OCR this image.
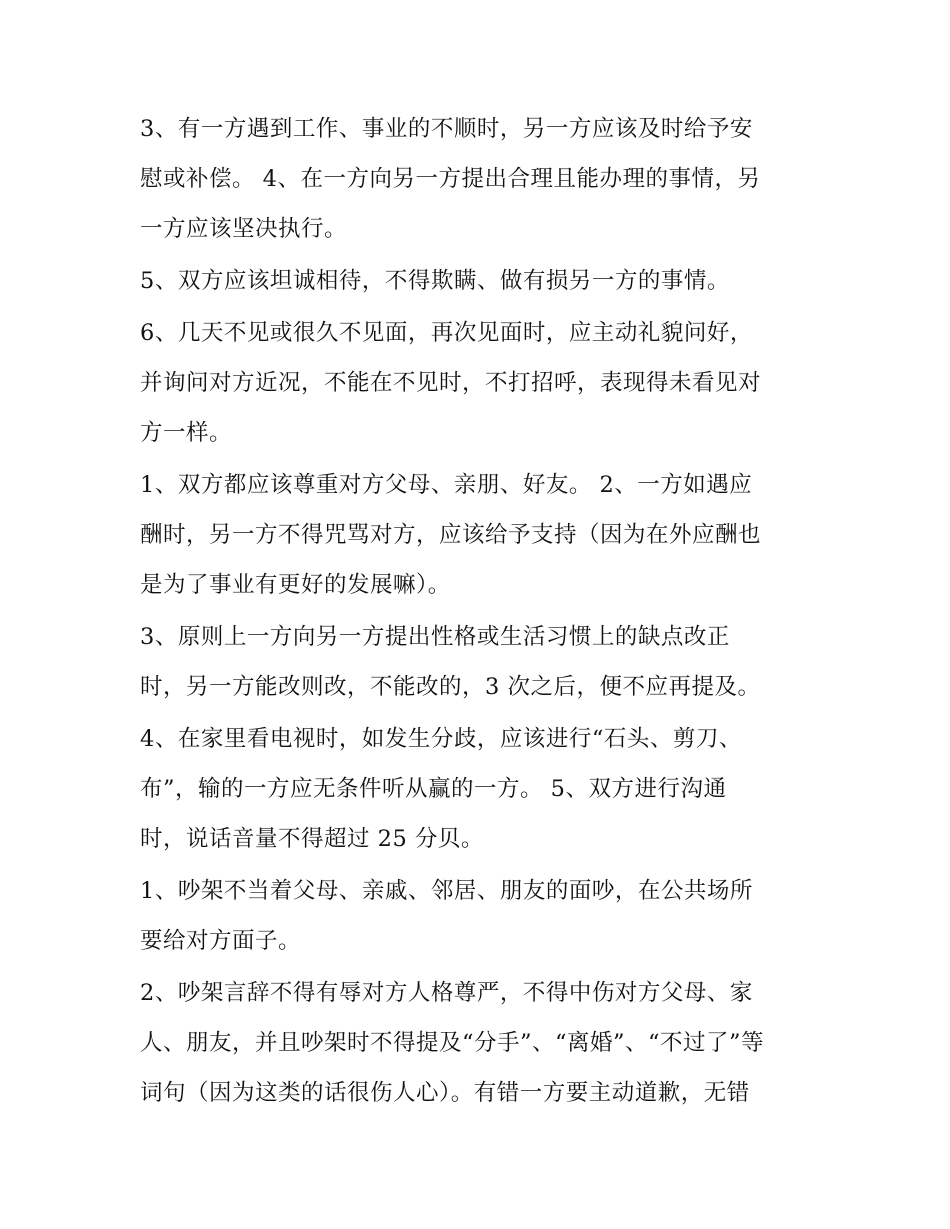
3、有一方遇到工作、事业的不顺时，另一方应该及时给予安
慰或补偿。 4、在一方向另一方提出合理且能办理的事情，另
一方应该坚决执行。
5、双方应该坦诚相待，不得欺瞒、做有损另一方的事情。
6、几天不见或很久不见面，再次见面时，应主动礼貌问好，
并询问对方近况，不能在不见时，不打招呼，表现得未看见对
方一样。
1、双方都应该尊重对方父母、亲朋、好友。 2、一方如遇应
酬时，另一方不得咒骂对方，应该给予支持（因为在外应酬也
是为了事业有更好的发展嘛）。
3、原则上一方向另一方提出性格或生活习惯上的缺点改正
时，另一方能改则改，不能改的，3 次之后，便不应再提及。
4、在家里看电视时，如发生分歧，应该进行“石头、剪刀、
布”，输的一方应无条件听从赢的一方。 5、双方进行沟通
时，说话音量不得超过 25 分贝。
1、吵架不当着父母、亲戚、邻居、朋友的面吵，在公共场所
要给对方面子。
2、吵架言辞不得有辱对方人格尊严，不得中伤对方父母、家
人、朋友，并且吵架时不得提及“分手”、“离婚”、“不过了”等
词句（因为这类的话很伤人心）。有错一方要主动道歉，无错
